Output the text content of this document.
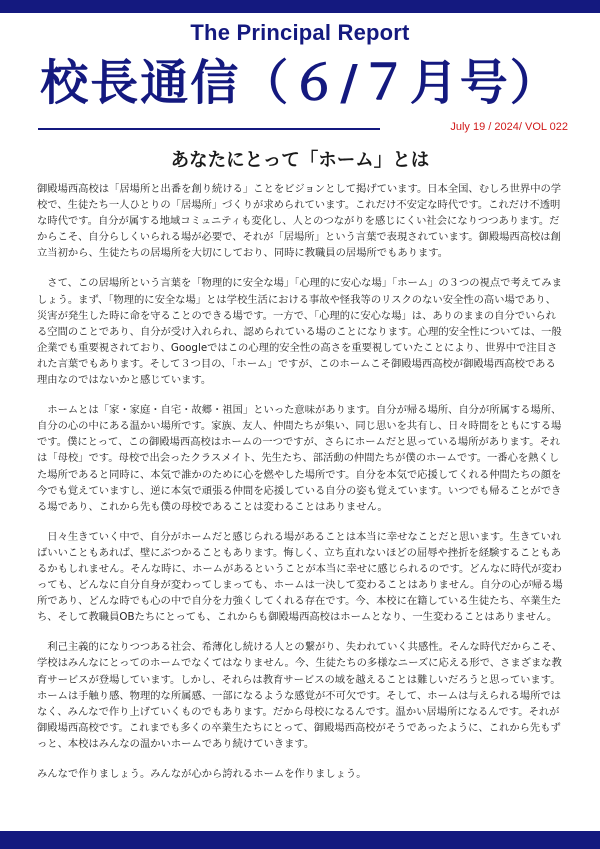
The Principal Report
校長通信（６/７月号）
July 19 / 2024/ VOL 022
あなたにとって「ホーム」とは

御殿場西高校は「居場所と出番を創り続ける」ことをビジョンとして掲げています。日本全国、むしろ世界中の学校で、生徒たち一人ひとりの「居場所」づくりが求められています。これだけ不安定な時代です。これだけ不透明な時代です。自分が属する地域コミュニティも変化し、人とのつながりを感じにくい社会になりつつあります。だからこそ、自分らしくいられる場が必要で、それが「居場所」という言葉で表現されています。御殿場西高校は創立当初から、生徒たちの居場所を大切にしており、同時に教職員の居場所でもあります。

さて、この居場所という言葉を「物理的に安全な場」「心理的に安心な場」「ホーム」の３つの視点で考えてみましょう。まず、「物理的に安全な場」とは学校生活における事故や怪我等のリスクのない安全性の高い場であり、災害が発生した時に命を守ることのできる場です。一方で、「心理的に安心な場」は、ありのままの自分でいられる空間のことであり、自分が受け入れられ、認められている場のことになります。心理的安全性については、一般企業でも重要視されており、Googleではこの心理的安全性の高さを重要視していたことにより、世界中で注目された言葉でもあります。そして３つ目の、「ホーム」ですが、このホームこそ御殿場西高校が御殿場西高校である理由なのではないかと感じています。

ホームとは「家・家庭・自宅・故郷・祖国」といった意味があります。自分が帰る場所、自分が所属する場所、自分の心の中にある温かい場所です。家族、友人、仲間たちが集い、同じ思いを共有し、日々時間をともにする場です。僕にとって、この御殿場西高校はホームの一つですが、さらにホームだと思っている場所があります。それは「母校」です。母校で出会ったクラスメイト、先生たち、部活動の仲間たちが僕のホームです。一番心を熱くした場所であると同時に、本気で誰かのために心を燃やした場所です。自分を本気で応援してくれる仲間たちの顔を今でも覚えていますし、逆に本気で頑張る仲間を応援している自分の姿も覚えています。いつでも帰ることができる場であり、これから先も僕の母校であることは変わることはありません。

日々生きていく中で、自分がホームだと感じられる場があることは本当に幸せなことだと思います。生きていればいいこともあれば、壁にぶつかることもあります。悔しく、立ち直れないほどの屈辱や挫折を経験することもあるかもしれません。そんな時に、ホームがあるということが本当に幸せに感じられるのです。どんなに時代が変わっても、どんなに自分自身が変わってしまっても、ホームは一決して変わることはありません。自分の心が帰る場所であり、どんな時でも心の中で自分を力強くしてくれる存在です。今、本校に在籍している生徒たち、卒業生たち、そして教職員OBたちにとっても、これからも御殿場西高校はホームとなり、一生変わることはありません。

利己主義的になりつつある社会、希薄化し続ける人との繋がり、失われていく共感性。そんな時代だからこそ、学校はみんなにとってのホームでなくてはなりません。今、生徒たちの多様なニーズに応える形で、さまざまな教育サービスが登場しています。しかし、それらは教育サービスの域を越えることは難しいだろうと思っています。ホームは手触り感、物理的な所属感、一部になるような感覚が不可欠です。そして、ホームは与えられる場所ではなく、みんなで作り上げていくものでもあります。だから母校になるんです。温かい居場所になるんです。それが御殿場西高校です。これまでも多くの卒業生たちにとって、御殿場西高校がそうであったように、これから先もずっと、本校はみんなの温かいホームであり続けていきます。

みんなで作りましょう。みんなが心から誇れるホームを作りましょう。
